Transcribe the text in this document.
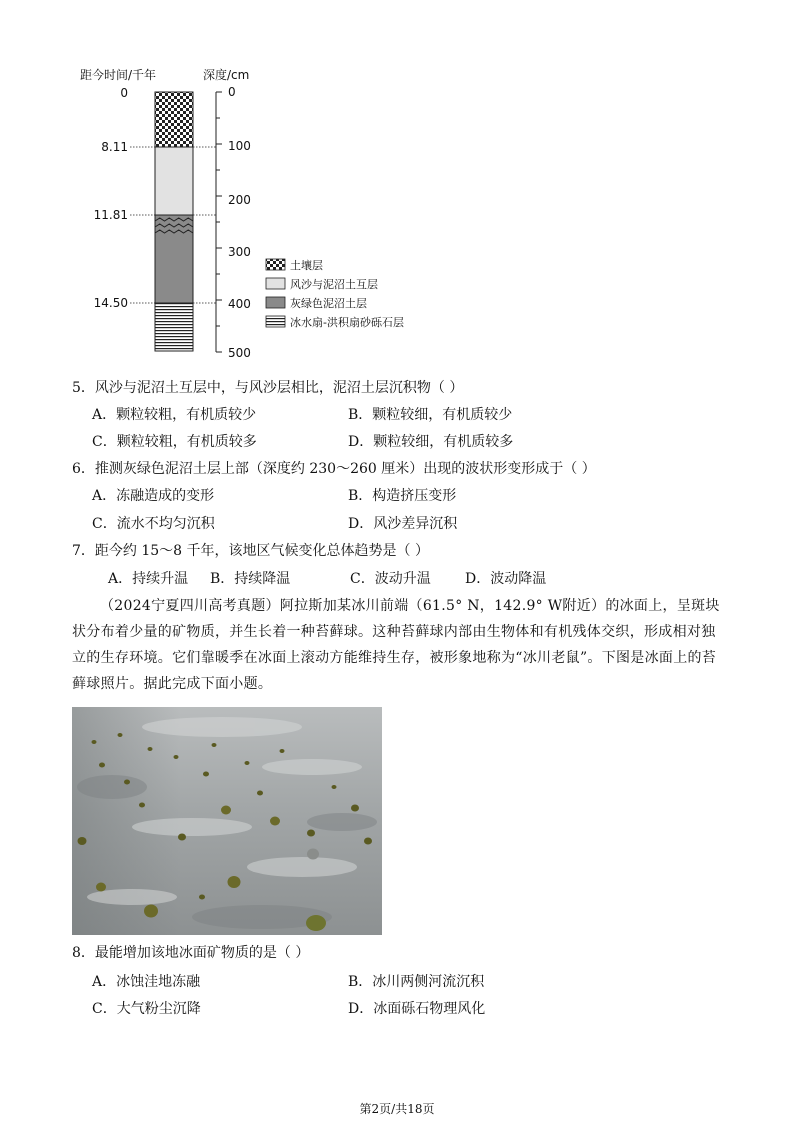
距今时间/千年	深度/cm
0
8.11
11.81
14.50
0
100
200
300
400
500
土壤层
风沙与泥沼土互层
灰绿色泥沼土层
冰水扇-洪积扇砂砾石层
5．风沙与泥沼土互层中，与风沙层相比，泥沼土层沉积物（ ）
A．颗粒较粗，有机质较少	B．颗粒较细，有机质较少
C．颗粒较粗，有机质较多	D．颗粒较细，有机质较多
6．推测灰绿色泥沼土层上部（深度约 230～260 厘米）出现的波状形变形成于（ ）
A．冻融造成的变形	B．构造挤压变形
C．流水不均匀沉积	D．风沙差异沉积
7．距今约 15～8 千年，该地区气候变化总体趋势是（ ）
A．持续升温 B．持续降温	C．波动升温 D．波动降温
（2024宁夏四川高考真题）阿拉斯加某冰川前端（61.5° N，142.9° W附近）的冰面上，呈斑块状分布着少量的矿物质，并生长着一种苔藓球。这种苔藓球内部由生物体和有机残体交织，形成相对独立的生存环境。它们靠暖季在冰面上滚动方能维持生存，被形象地称为“冰川老鼠”。下图是冰面上的苔藓球照片。据此完成下面小题。
8．最能增加该地冰面矿物质的是（ ）
A．冰蚀洼地冻融	B．冰川两侧河流沉积
C．大气粉尘沉降	D．冰面砾石物理风化
第2页/共18页
